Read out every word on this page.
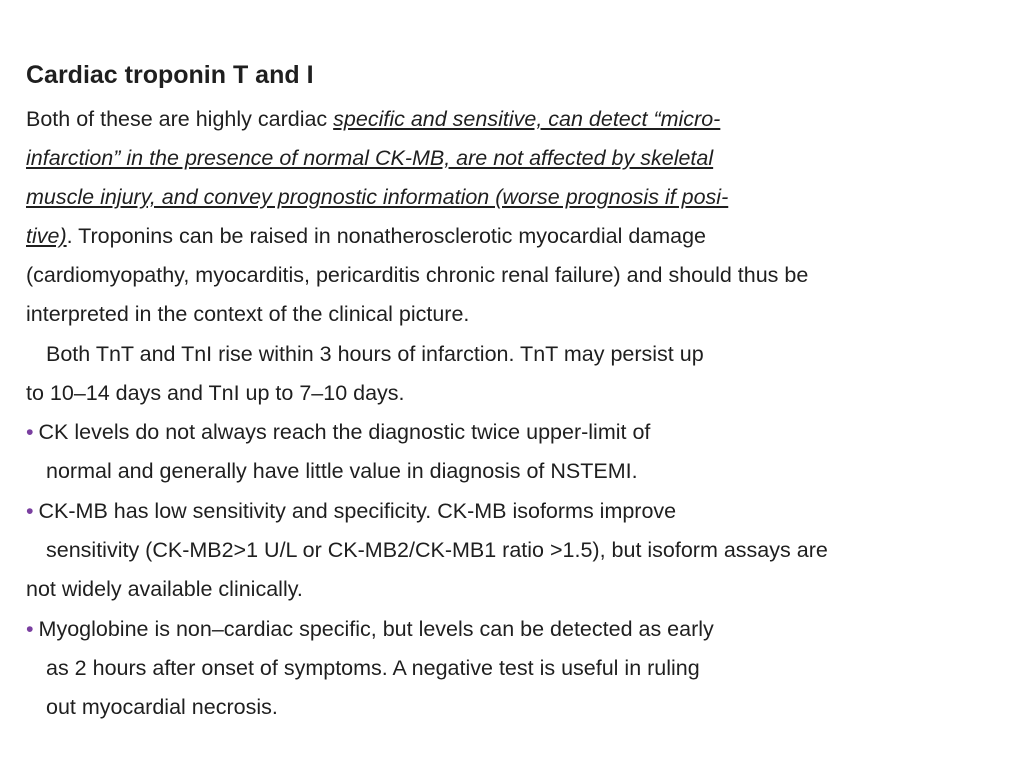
Cardiac troponin T and I
Both of these are highly cardiac specific and sensitive, can detect “micro-
infarction” in the presence of normal CK-MB, are not affected by skeletal
muscle injury, and convey prognostic information (worse prognosis if posi-
tive). Troponins can be raised in nonatherosclerotic myocardial damage
(cardiomyopathy, myocarditis, pericarditis chronic renal failure) and should thus be
interpreted in the context of the clinical picture.
Both TnT and TnI rise within 3 hours of infarction. TnT may persist up
to 10–14 days and TnI up to 7–10 days.
• CK levels do not always reach the diagnostic twice upper-limit of
normal and generally have little value in diagnosis of NSTEMI.
• CK-MB has low sensitivity and specificity. CK-MB isoforms improve
sensitivity (CK-MB2>1 U/L or CK-MB2/CK-MB1 ratio >1.5), but isoform assays are
not widely available clinically.
• Myoglobine is non–cardiac specific, but levels can be detected as early
as 2 hours after onset of symptoms. A negative test is useful in ruling
out myocardial necrosis.
